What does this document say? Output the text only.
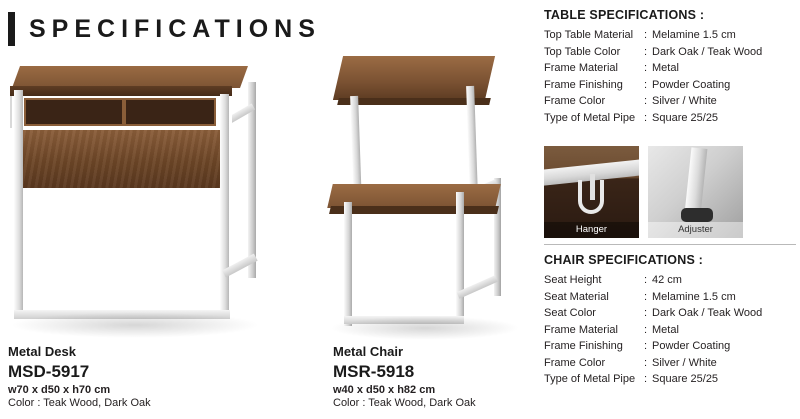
SPECIFICATIONS
Metal Desk
MSD-5917
w70 x d50 x h70 cm
Color : Teak Wood, Dark Oak
Metal Chair
MSR-5918
w40 x d50 x h82 cm
Color : Teak Wood, Dark Oak
TABLE SPECIFICATIONS :
Top Table Material : Melamine 1.5 cm
Top Table Color	: Dark Oak / Teak Wood
Frame Material	: Metal
Frame Finishing	: Powder Coating
Frame Color	: Silver / White
Type of Metal Pipe : Square 25/25
Hanger	Adjuster
CHAIR SPECIFICATIONS :
Seat Height	: 42 cm
Seat Material	: Melamine 1.5 cm
Seat Color	: Dark Oak / Teak Wood
Frame Material	: Metal
Frame Finishing	: Powder Coating
Frame Color	: Silver / White
Type of Metal Pipe : Square 25/25
